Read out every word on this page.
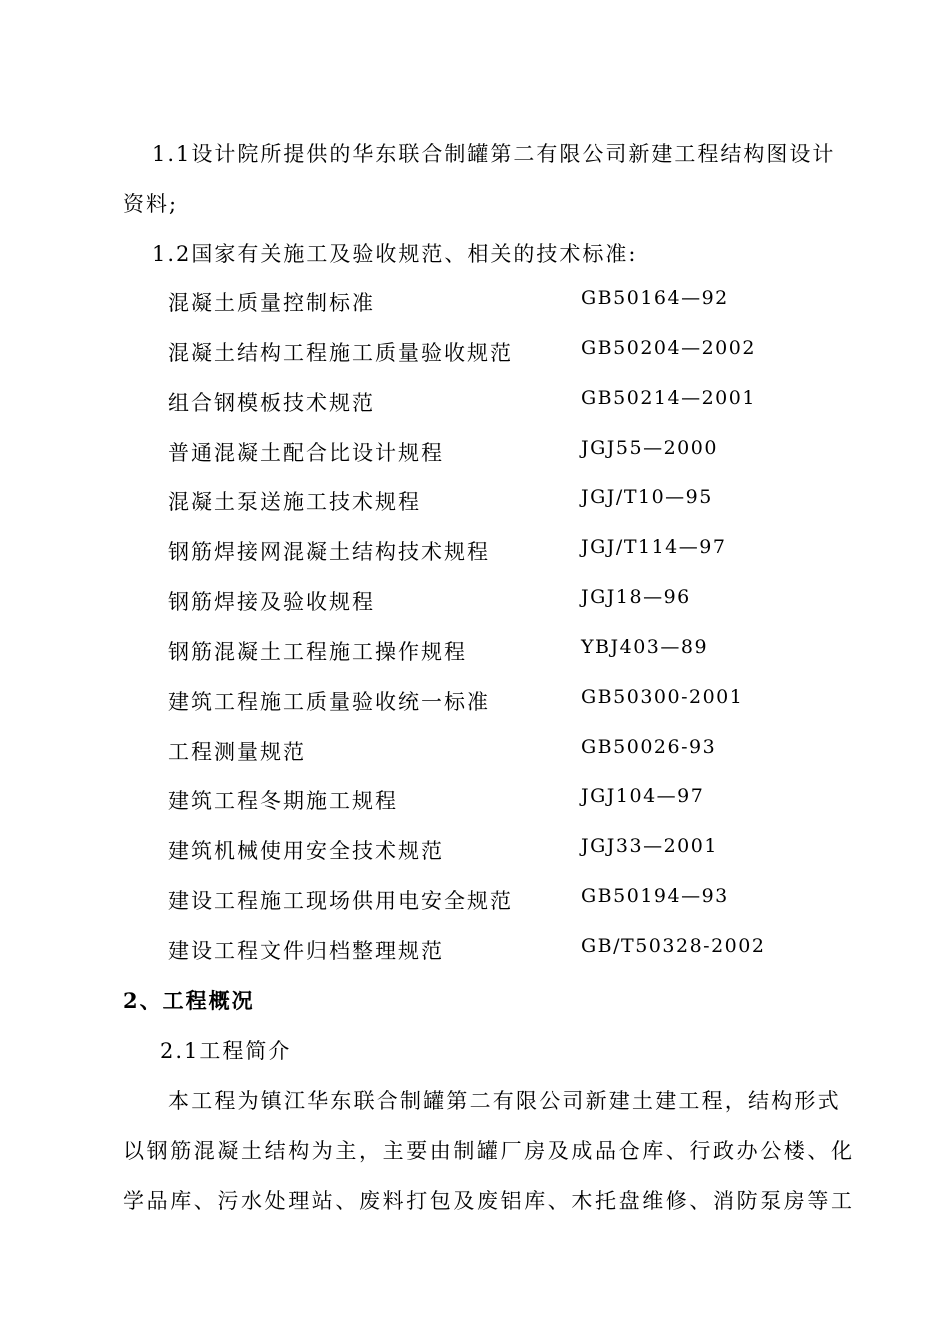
1.1设计院所提供的华东联合制罐第二有限公司新建工程结构图设计
资料;
1.2国家有关施工及验收规范、相关的技术标准:
混凝土质量控制标准	GB50164—92
混凝土结构工程施工质量验收规范	GB50204—2002
组合钢模板技术规范	GB50214—2001
普通混凝土配合比设计规程	JGJ55—2000
混凝土泵送施工技术规程	JGJ/T10—95
钢筋焊接网混凝土结构技术规程	JGJ/T114—97
钢筋焊接及验收规程	JGJ18—96
钢筋混凝土工程施工操作规程	YBJ403—89
建筑工程施工质量验收统一标准	GB50300-2001
工程测量规范	GB50026-93
建筑工程冬期施工规程	JGJ104—97
建筑机械使用安全技术规范	JGJ33—2001
建设工程施工现场供用电安全规范	GB50194—93
建设工程文件归档整理规范	GB/T50328-2002
2、工程概况
2.1工程简介
本工程为镇江华东联合制罐第二有限公司新建土建工程，结构形式
以钢筋混凝土结构为主，主要由制罐厂房及成品仓库、行政办公楼、化
学品库、污水处理站、废料打包及废铝库、木托盘维修、消防泵房等工
